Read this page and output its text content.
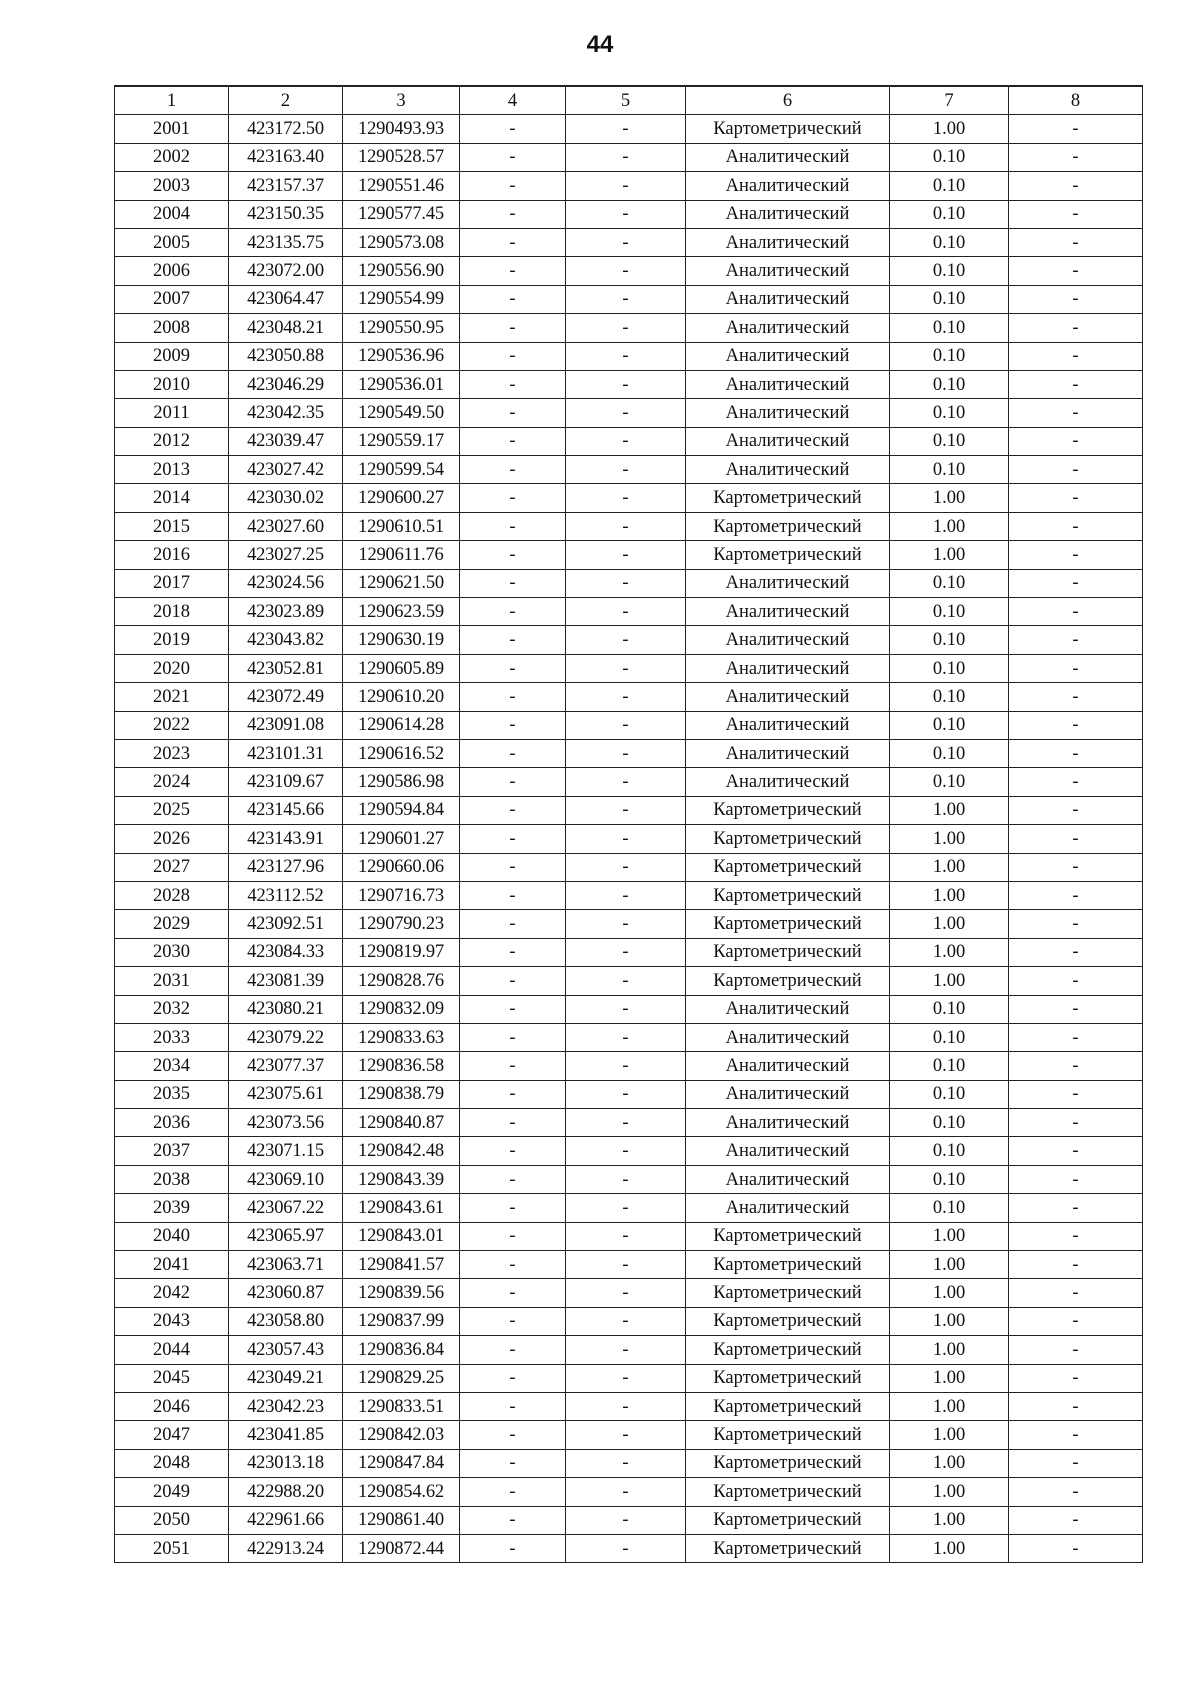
44
1	2	3	4	5	6	7	8
2001	423172.50	1290493.93	-	-	Картометрический	1.00	-
2002	423163.40	1290528.57	-	-	Аналитический	0.10	-
2003	423157.37	1290551.46	-	-	Аналитический	0.10	-
2004	423150.35	1290577.45	-	-	Аналитический	0.10	-
2005	423135.75	1290573.08	-	-	Аналитический	0.10	-
2006	423072.00	1290556.90	-	-	Аналитический	0.10	-
2007	423064.47	1290554.99	-	-	Аналитический	0.10	-
2008	423048.21	1290550.95	-	-	Аналитический	0.10	-
2009	423050.88	1290536.96	-	-	Аналитический	0.10	-
2010	423046.29	1290536.01	-	-	Аналитический	0.10	-
2011	423042.35	1290549.50	-	-	Аналитический	0.10	-
2012	423039.47	1290559.17	-	-	Аналитический	0.10	-
2013	423027.42	1290599.54	-	-	Аналитический	0.10	-
2014	423030.02	1290600.27	-	-	Картометрический	1.00	-
2015	423027.60	1290610.51	-	-	Картометрический	1.00	-
2016	423027.25	1290611.76	-	-	Картометрический	1.00	-
2017	423024.56	1290621.50	-	-	Аналитический	0.10	-
2018	423023.89	1290623.59	-	-	Аналитический	0.10	-
2019	423043.82	1290630.19	-	-	Аналитический	0.10	-
2020	423052.81	1290605.89	-	-	Аналитический	0.10	-
2021	423072.49	1290610.20	-	-	Аналитический	0.10	-
2022	423091.08	1290614.28	-	-	Аналитический	0.10	-
2023	423101.31	1290616.52	-	-	Аналитический	0.10	-
2024	423109.67	1290586.98	-	-	Аналитический	0.10	-
2025	423145.66	1290594.84	-	-	Картометрический	1.00	-
2026	423143.91	1290601.27	-	-	Картометрический	1.00	-
2027	423127.96	1290660.06	-	-	Картометрический	1.00	-
2028	423112.52	1290716.73	-	-	Картометрический	1.00	-
2029	423092.51	1290790.23	-	-	Картометрический	1.00	-
2030	423084.33	1290819.97	-	-	Картометрический	1.00	-
2031	423081.39	1290828.76	-	-	Картометрический	1.00	-
2032	423080.21	1290832.09	-	-	Аналитический	0.10	-
2033	423079.22	1290833.63	-	-	Аналитический	0.10	-
2034	423077.37	1290836.58	-	-	Аналитический	0.10	-
2035	423075.61	1290838.79	-	-	Аналитический	0.10	-
2036	423073.56	1290840.87	-	-	Аналитический	0.10	-
2037	423071.15	1290842.48	-	-	Аналитический	0.10	-
2038	423069.10	1290843.39	-	-	Аналитический	0.10	-
2039	423067.22	1290843.61	-	-	Аналитический	0.10	-
2040	423065.97	1290843.01	-	-	Картометрический	1.00	-
2041	423063.71	1290841.57	-	-	Картометрический	1.00	-
2042	423060.87	1290839.56	-	-	Картометрический	1.00	-
2043	423058.80	1290837.99	-	-	Картометрический	1.00	-
2044	423057.43	1290836.84	-	-	Картометрический	1.00	-
2045	423049.21	1290829.25	-	-	Картометрический	1.00	-
2046	423042.23	1290833.51	-	-	Картометрический	1.00	-
2047	423041.85	1290842.03	-	-	Картометрический	1.00	-
2048	423013.18	1290847.84	-	-	Картометрический	1.00	-
2049	422988.20	1290854.62	-	-	Картометрический	1.00	-
2050	422961.66	1290861.40	-	-	Картометрический	1.00	-
2051	422913.24	1290872.44	-	-	Картометрический	1.00	-
